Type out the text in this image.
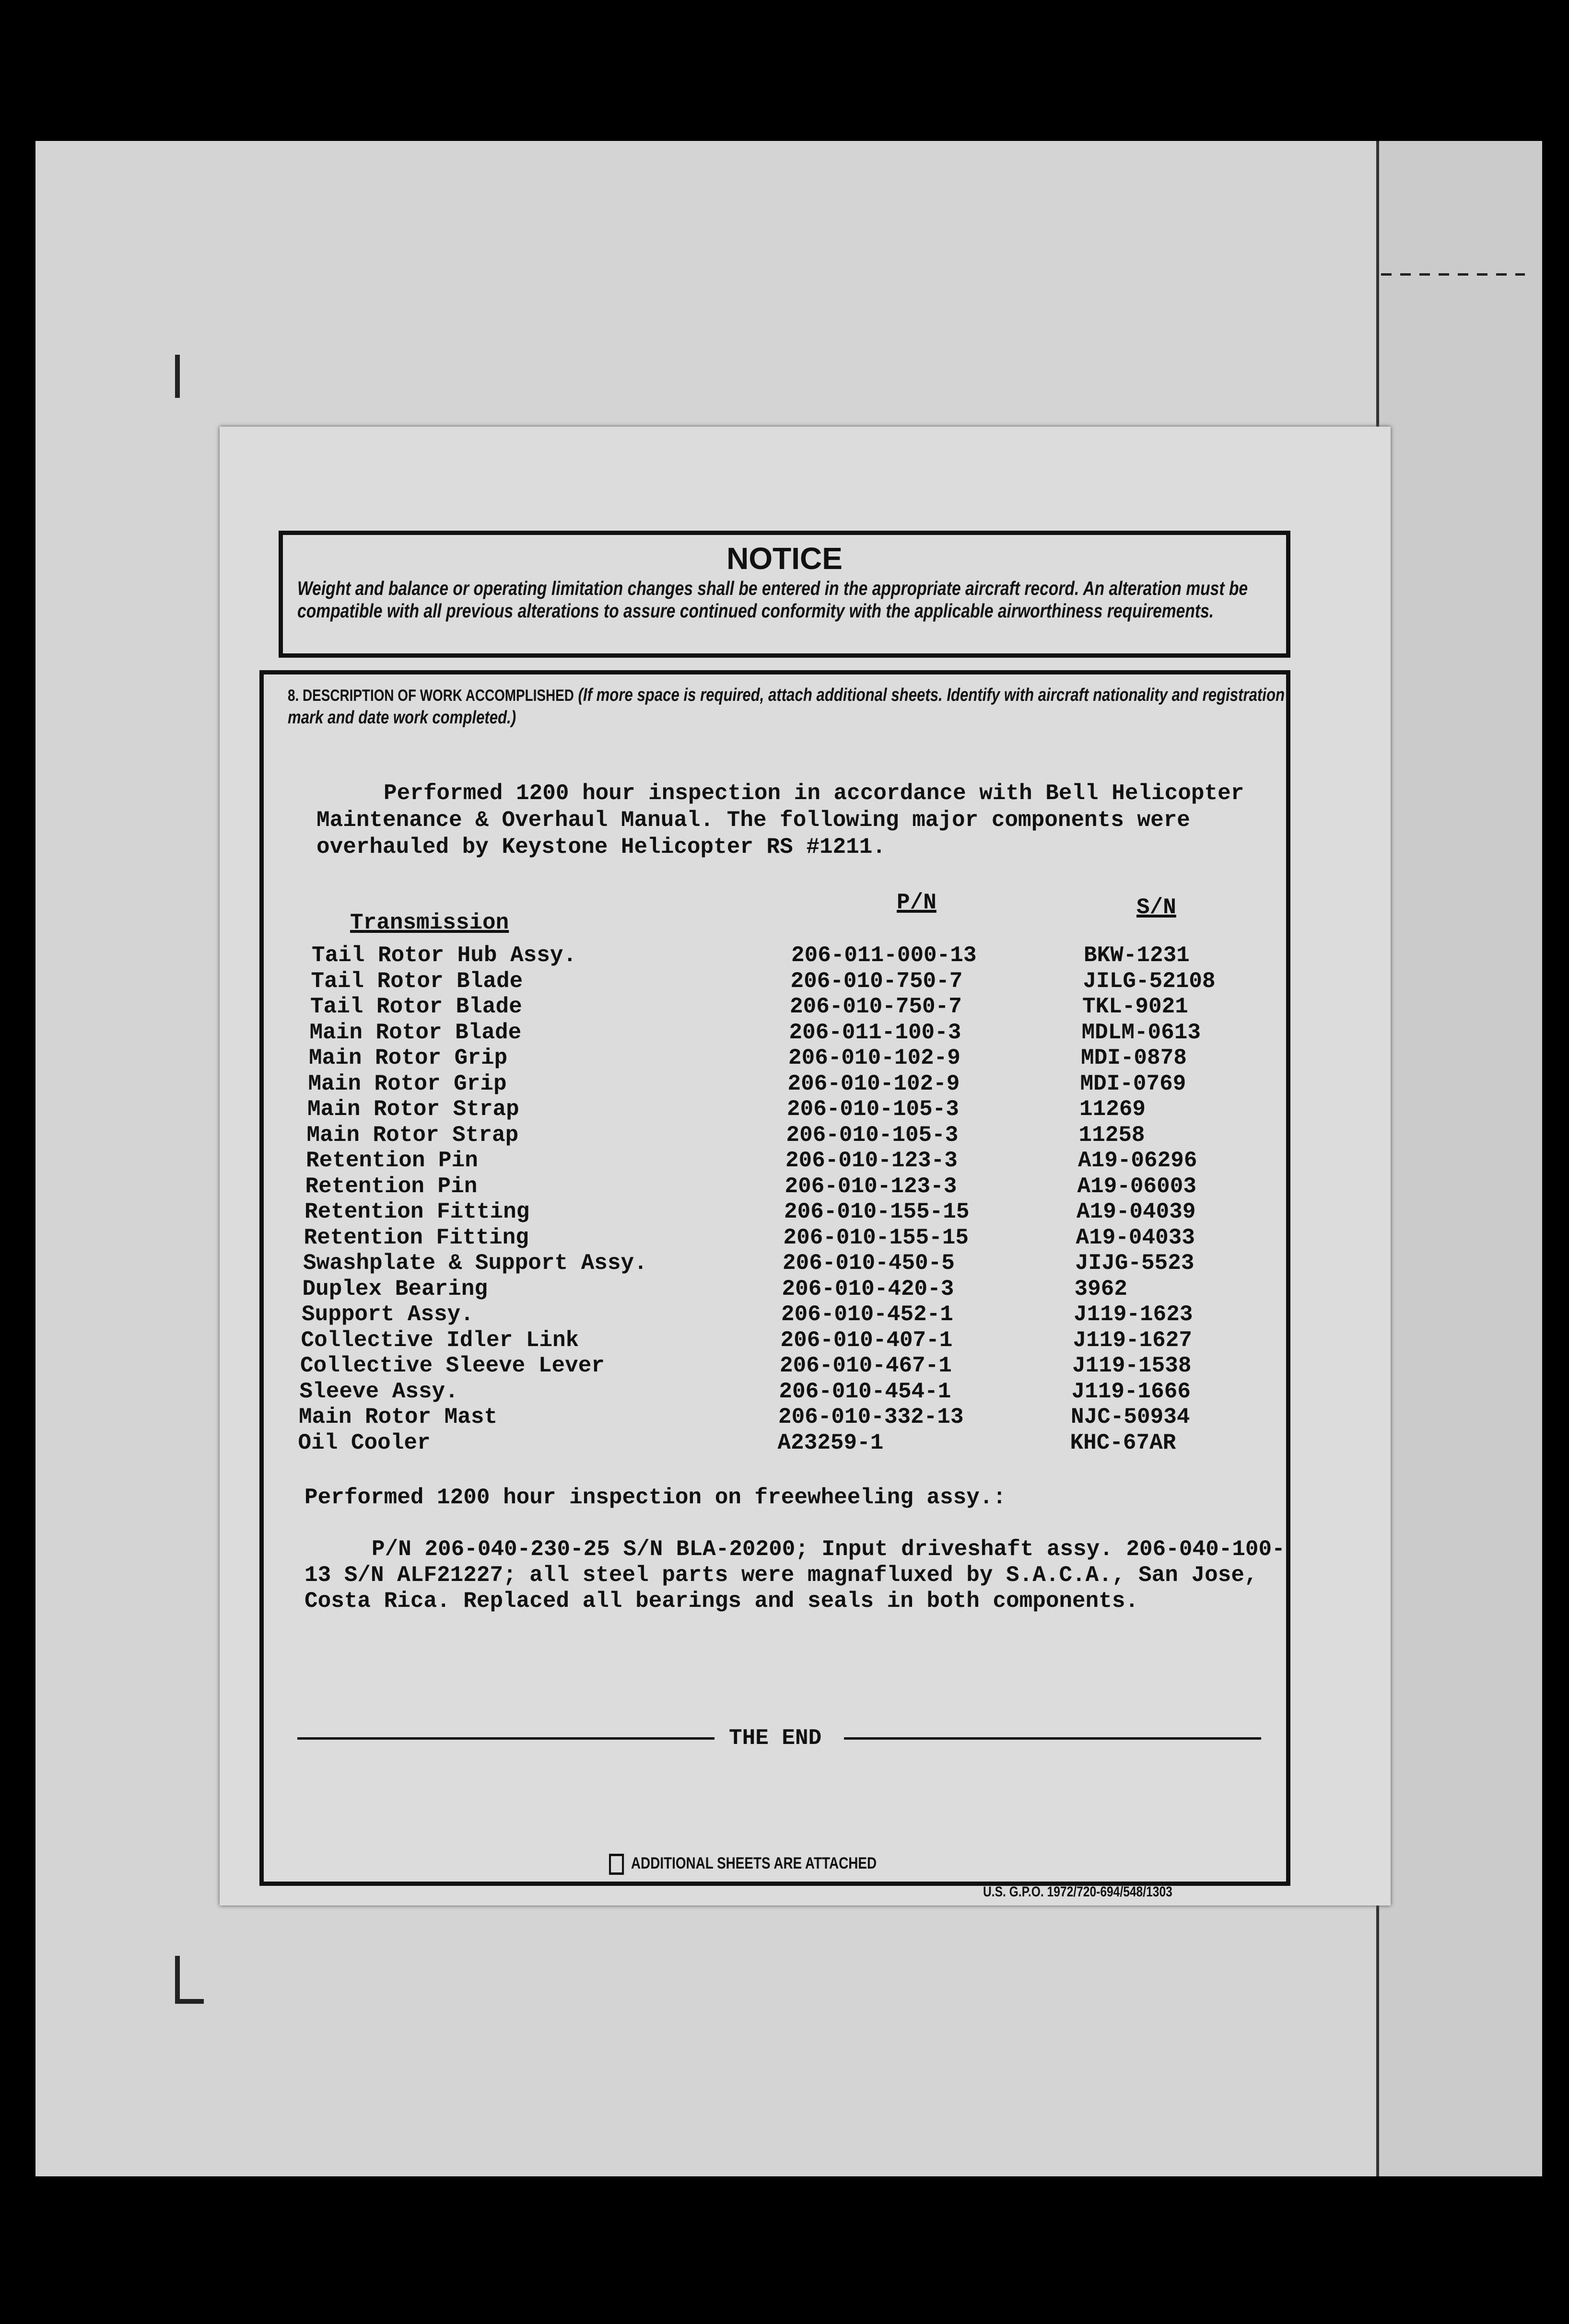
NOTICE
Weight and balance or operating limitation changes shall be entered in the appropriate aircraft record. An alteration must be compatible with all previous alterations to assure continued conformity with the applicable airworthiness requirements.
8. DESCRIPTION OF WORK ACCOMPLISHED (If more space is required, attach additional sheets. Identify with aircraft nationality and registration mark and date work completed.)
Performed 1200 hour inspection in accordance with Bell Helicopter Maintenance & Overhaul Manual. The following major components were overhauled by Keystone Helicopter RS #1211.

Transmission

P/N

	S/N

Tail Rotor Hub Assy.	206-011-000-13	BKW-1231
Tail Rotor Blade	206-010-750-7	JILG-52108
Tail Rotor Blade	206-010-750-7	TKL-9021
Main Rotor Blade	206-011-100-3	MDLM-0613
Main Rotor Grip	206-010-102-9	MDI-0878
Main Rotor Grip	206-010-102-9	MDI-0769
Main Rotor Strap	206-010-105-3	11269
Main Rotor Strap	206-010-105-3	11258
Retention Pin	206-010-123-3	A19-06296
Retention Pin	206-010-123-3	A19-06003
Retention Fitting	206-010-155-15	A19-04039
Retention Fitting	206-010-155-15	A19-04033
Swashplate & Support Assy.	206-010-450-5	JIJG-5523
Duplex Bearing	206-010-420-3	3962
Support Assy.	206-010-452-1	J119-1623
Collective Idler Link	206-010-407-1	J119-1627
Collective Sleeve Lever	206-010-467-1	J119-1538
Sleeve Assy.	206-010-454-1	J119-1666
Main Rotor Mast	206-010-332-13	NJC-50934
Oil Cooler	A23259-1	KHC-67AR

Performed 1200 hour inspection on freewheeling assy.:
P/N 206-040-230-25 S/N BLA-20200; Input driveshaft assy. 206-040-100-13 S/N ALF21227; all steel parts were magnafluxed by S.A.C.A., San Jose, Costa Rica. Replaced all bearings and seals in both components.

THE END

ADDITIONAL SHEETS ARE ATTACHED
U.S. G.P.O. 1972/720-694/548/1303
